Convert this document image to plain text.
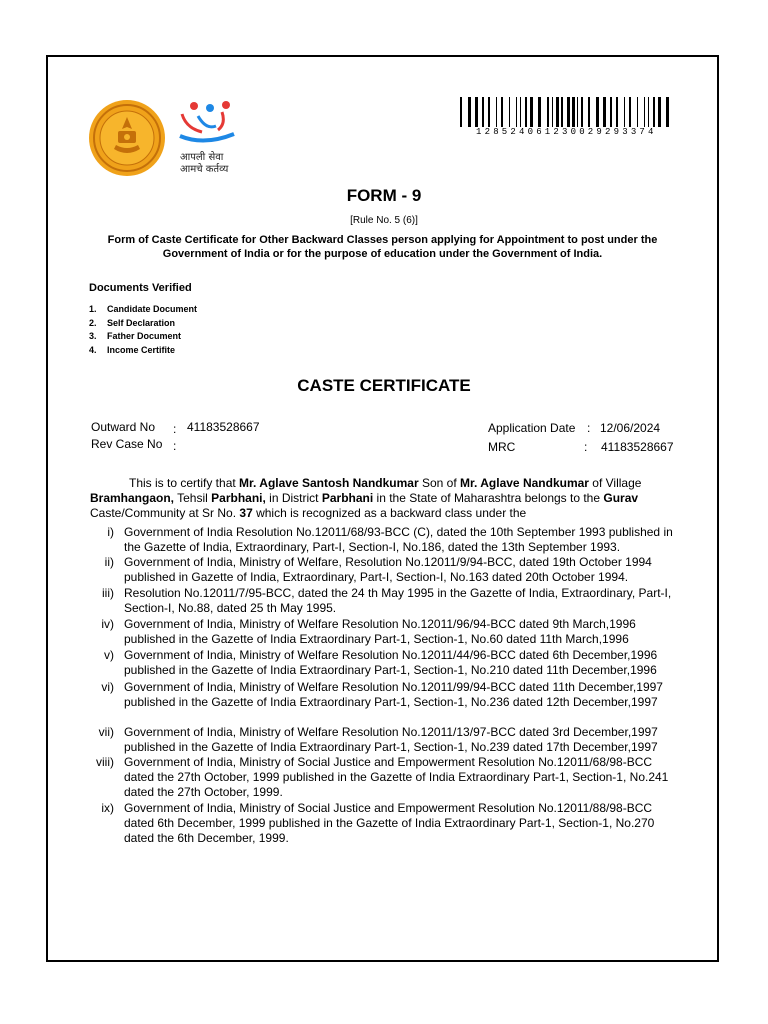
आपली सेवा
आमचे कर्तव्य
128524061230029293374
FORM - 9
[Rule No. 5 (6)]
Form of Caste Certificate for Other Backward Classes person applying for Appointment to post under the Government of India or for the purpose of education under the Government of India.
Documents Verified
1. Candidate Document
2. Self Declaration
3. Father Document
4. Income Certifite
CASTE CERTIFICATE
Outward No : 41183528667
Rev Case No :
Application Date : 12/06/2024
MRC	: 41183528667
This is to certify that Mr. Aglave Santosh Nandkumar Son of Mr. Aglave Nandkumar of Village Bramhangaon, Tehsil Parbhani, in District Parbhani in the State of Maharashtra belongs to the Gurav Caste/Community at Sr No. 37 which is recognized as a backward class under the
i) Government of India Resolution No.12011/68/93-BCC (C), dated the 10th September 1993 published in the Gazette of India, Extraordinary, Part-I, Section-I, No.186, dated the 13th September 1993.
ii) Government of India, Ministry of Welfare, Resolution No.12011/9/94-BCC, dated 19th October 1994 published in Gazette of India, Extraordinary, Part-I, Section-I, No.163 dated 20th October 1994.
iii) Resolution No.12011/7/95-BCC, dated the 24 th May 1995 in the Gazette of India, Extraordinary, Part-I, Section-I, No.88, dated 25 th May 1995.
iv) Government of India, Ministry of Welfare Resolution No.12011/96/94-BCC dated 9th March,1996 published in the Gazette of India Extraordinary Part-1, Section-1, No.60 dated 11th March,1996
v) Government of India, Ministry of Welfare Resolution No.12011/44/96-BCC dated 6th December,1996 published in the Gazette of India Extraordinary Part-1, Section-1, No.210 dated 11th December,1996
vi) Government of India, Ministry of Welfare Resolution No.12011/99/94-BCC dated 11th December,1997 published in the Gazette of India Extraordinary Part-1, Section-1, No.236 dated 12th December,1997
vii) Government of India, Ministry of Welfare Resolution No.12011/13/97-BCC dated 3rd December,1997 published in the Gazette of India Extraordinary Part-1, Section-1, No.239 dated 17th December,1997
viii) Government of India, Ministry of Social Justice and Empowerment Resolution No.12011/68/98-BCC dated the 27th October, 1999 published in the Gazette of India Extraordinary Part-1, Section-1, No.241 dated the 27th October, 1999.
ix) Government of India, Ministry of Social Justice and Empowerment Resolution No.12011/88/98-BCC dated 6th December, 1999 published in the Gazette of India Extraordinary Part-1, Section-1, No.270 dated the 6th December, 1999.
